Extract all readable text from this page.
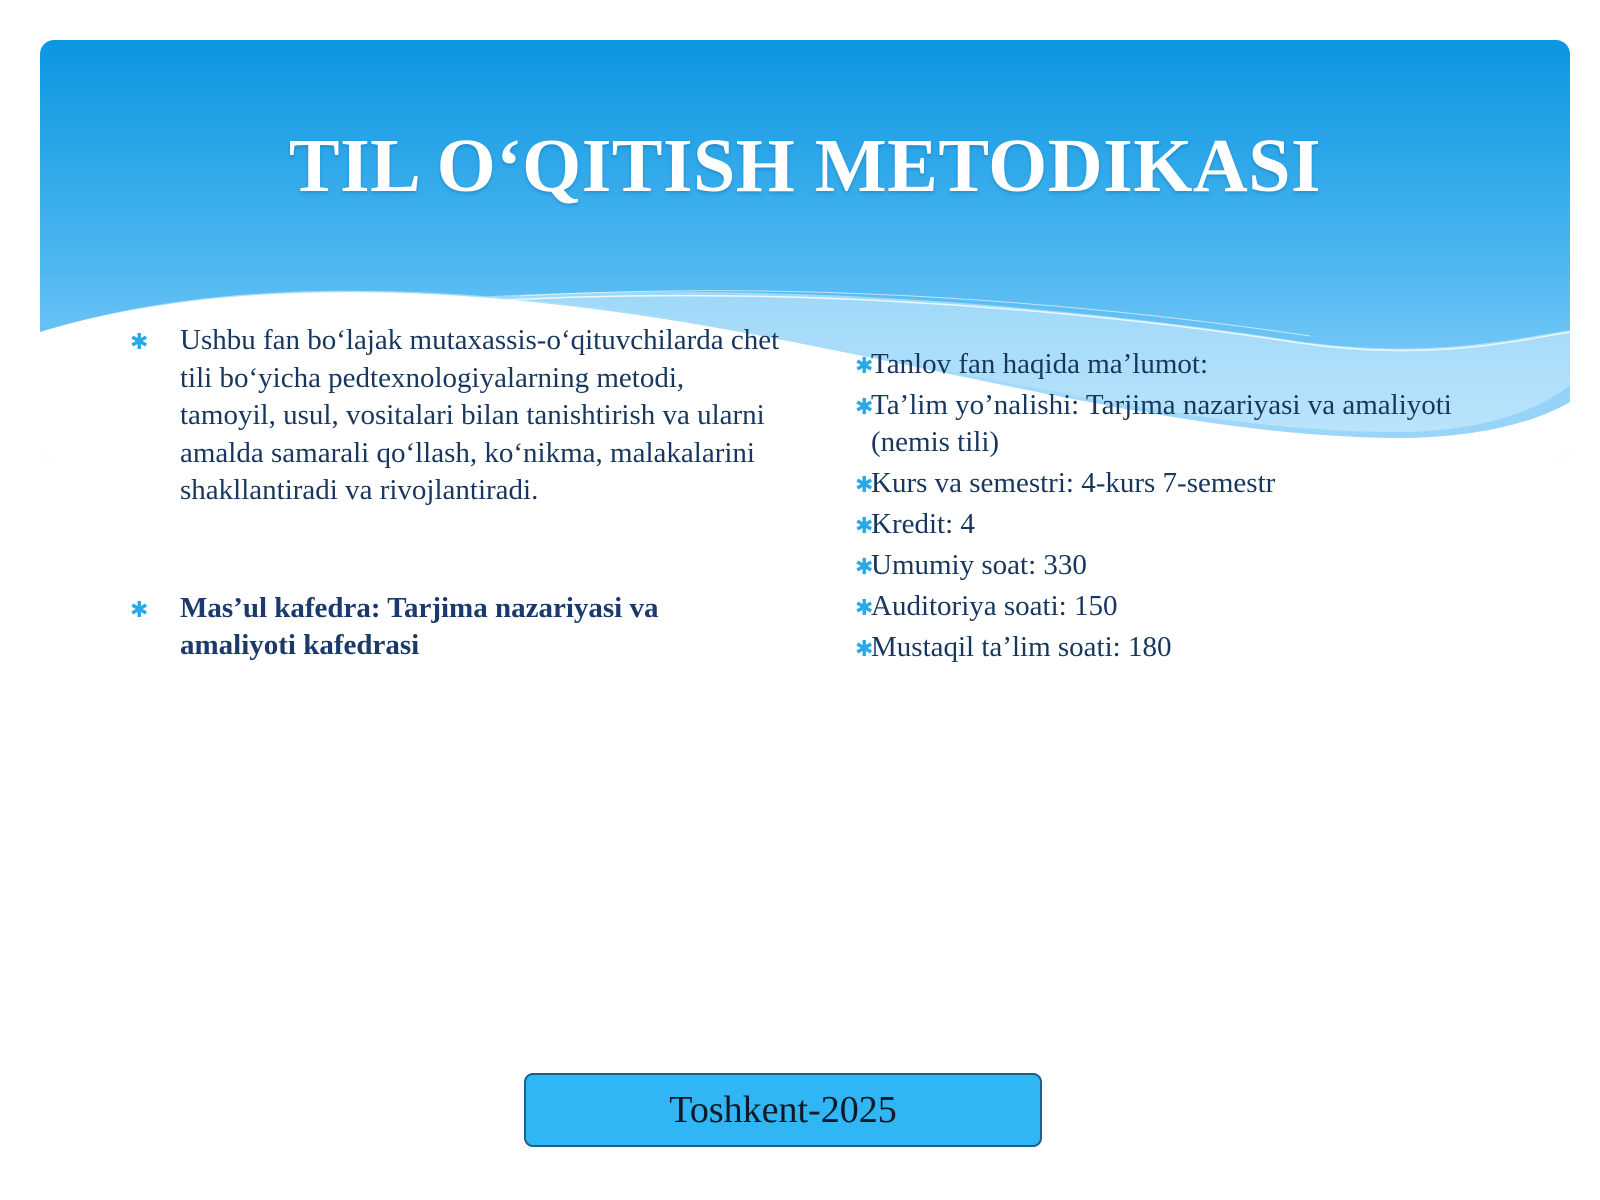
TIL O‘QITISH METODIKASI
✱ Ushbu fan bo‘lajak mutaxassis-o‘qituvchilarda chet tili bo‘yicha pedtexnologiyalarning metodi, tamoyil, usul, vositalari bilan tanishtirish va ularni amalda samarali qo‘llash, ko‘nikma, malakalarini shakllantiradi va rivojlantiradi.
✱ Mas’ul kafedra: Tarjima nazariyasi va amaliyoti kafedrasi
✱
Tanlov fan haqida ma’lumot:
✱
Ta’lim yo’nalishi: Tarjima nazariyasi va amaliyoti
(nemis tili)
✱
Kurs va semestri: 4-kurs 7-semestr
✱
Kredit: 4
✱
Umumiy soat: 330
✱
Auditoriya soati: 150
✱
Mustaqil ta’lim soati: 180
Toshkent-2025
